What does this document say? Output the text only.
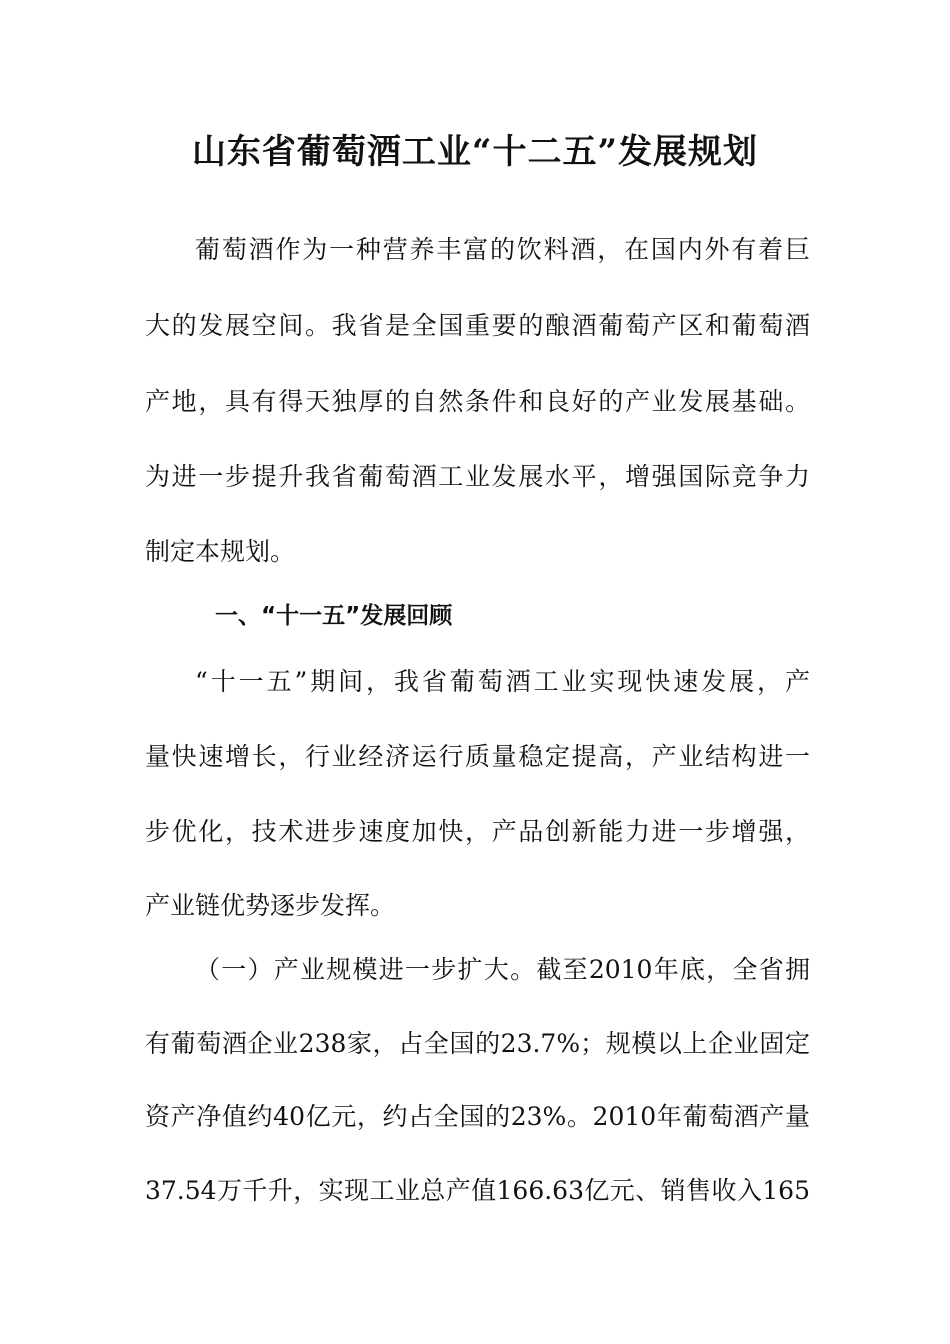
山东省葡萄酒工业“十二五”发展规划
葡萄酒作为一种营养丰富的饮料酒，在国内外有着巨
大的发展空间。我省是全国重要的酿酒葡萄产区和葡萄酒
产地，具有得天独厚的自然条件和良好的产业发展基础。
为进一步提升我省葡萄酒工业发展水平，增强国际竞争力
制定本规划。
一、“十一五”发展回顾
“十一五”期间，我省葡萄酒工业实现快速发展，产
量快速增长，行业经济运行质量稳定提高，产业结构进一
步优化，技术进步速度加快，产品创新能力进一步增强，
产业链优势逐步发挥。
（一）产业规模进一步扩大。截至2010年底，全省拥
有葡萄酒企业238家，占全国的23.7%；规模以上企业固定
资产净值约40亿元，约占全国的23%。2010年葡萄酒产量
37.54万千升，实现工业总产值166.63亿元、销售收入165
